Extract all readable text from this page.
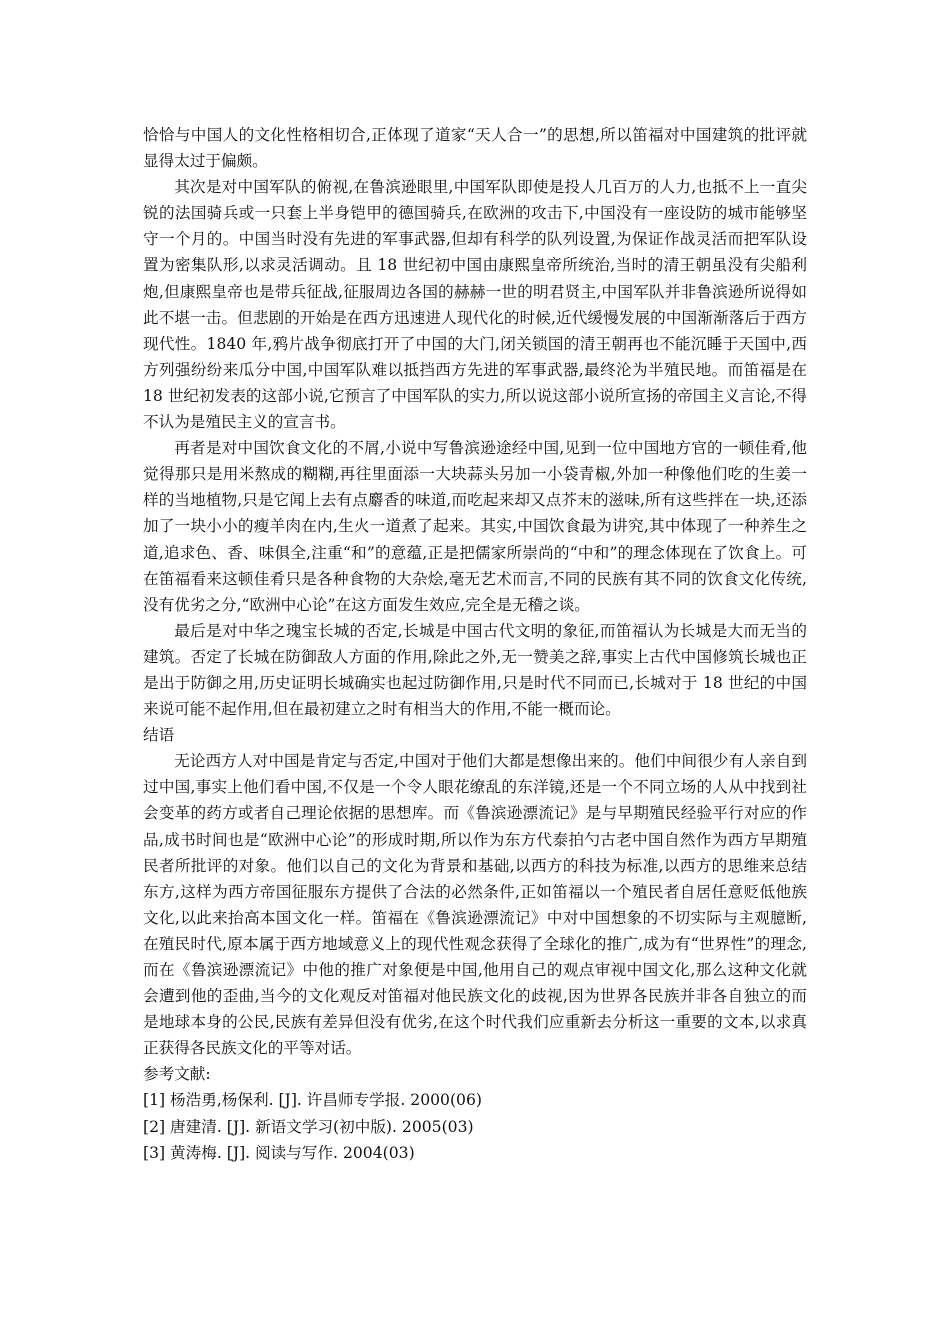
恰恰与中国人的文化性格相切合,正体现了道家“天人合一”的思想,所以笛福对中国建筑的批评就显得太过于偏颇。

其次是对中国军队的俯视,在鲁滨逊眼里,中国军队即使是投人几百万的人力,也抵不上一直尖锐的法国骑兵或一只套上半身铠甲的德国骑兵,在欧洲的攻击下,中国没有一座设防的城市能够坚守一个月的。中国当时没有先进的军事武器,但却有科学的队列设置,为保证作战灵活而把军队设置为密集队形,以求灵活调动。且 18 世纪初中国由康熙皇帝所统治,当时的清王朝虽没有尖船利炮,但康熙皇帝也是带兵征战,征服周边各国的赫赫一世的明君贤主,中国军队并非鲁滨逊所说得如此不堪一击。但悲剧的开始是在西方迅速进人现代化的时候,近代缓慢发展的中国渐渐落后于西方现代性。1840 年,鸦片战争彻底打开了中国的大门,闭关锁国的清王朝再也不能沉睡于天国中,西方列强纷纷来瓜分中国,中国军队难以抵挡西方先进的军事武器,最终沦为半殖民地。而笛福是在 18 世纪初发表的这部小说,它预言了中国军队的实力,所以说这部小说所宣扬的帝国主义言论,不得不认为是殖民主义的宣言书。

再者是对中国饮食文化的不屑,小说中写鲁滨逊途经中国,见到一位中国地方官的一顿佳肴,他觉得那只是用米熬成的糊糊,再往里面添一大块蒜头另加一小袋青椒,外加一种像他们吃的生姜一样的当地植物,只是它闻上去有点麝香的味道,而吃起来却又点芥末的滋味,所有这些拌在一块,还添加了一块小小的瘦羊肉在内,生火一道煮了起来。其实,中国饮食最为讲究,其中体现了一种养生之道,追求色、香、味俱全,注重“和”的意蕴,正是把儒家所崇尚的“中和”的理念体现在了饮食上。可在笛福看来这顿佳肴只是各种食物的大杂烩,毫无艺术而言,不同的民族有其不同的饮食文化传统,没有优劣之分,“欧洲中心论”在这方面发生效应,完全是无稽之谈。

最后是对中华之瑰宝长城的否定,长城是中国古代文明的象征,而笛福认为长城是大而无当的建筑。否定了长城在防御敌人方面的作用,除此之外,无一赞美之辞,事实上古代中国修筑长城也正是出于防御之用,历史证明长城确实也起过防御作用,只是时代不同而已,长城对于 18 世纪的中国来说可能不起作用,但在最初建立之时有相当大的作用,不能一概而论。

结语

无论西方人对中国是肯定与否定,中国对于他们大都是想像出来的。他们中间很少有人亲自到过中国,事实上他们看中国,不仅是一个令人眼花缭乱的东洋镜,还是一个不同立场的人从中找到社会变革的药方或者自己理论依据的思想库。而《鲁滨逊漂流记》是与早期殖民经验平行对应的作品,成书时间也是“欧洲中心论”的形成时期,所以作为东方代泰拍勺古老中国自然作为西方早期殖民者所批评的对象。他们以自己的文化为背景和基础,以西方的科技为标准,以西方的思维来总结东方,这样为西方帝国征服东方提供了合法的必然条件,正如笛福以一个殖民者自居任意贬低他族文化,以此来抬高本国文化一样。笛福在《鲁滨逊漂流记》中对中国想象的不切实际与主观臆断,在殖民时代,原本属于西方地域意义上的现代性观念获得了全球化的推广,成为有“世界性”的理念,而在《鲁滨逊漂流记》中他的推广对象便是中国,他用自己的观点审视中国文化,那么这种文化就会遭到他的歪曲,当今的文化观反对笛福对他民族文化的歧视,因为世界各民族并非各自独立的而是地球本身的公民,民族有差异但没有优劣,在这个时代我们应重新去分析这一重要的文本,以求真正获得各民族文化的平等对话。

参考文献:

[1] 杨浩勇,杨保利. [J]. 许昌师专学报. 2000(06)

[2] 唐建清. [J]. 新语文学习(初中版). 2005(03)

[3] 黄涛梅. [J]. 阅读与写作. 2004(03)
